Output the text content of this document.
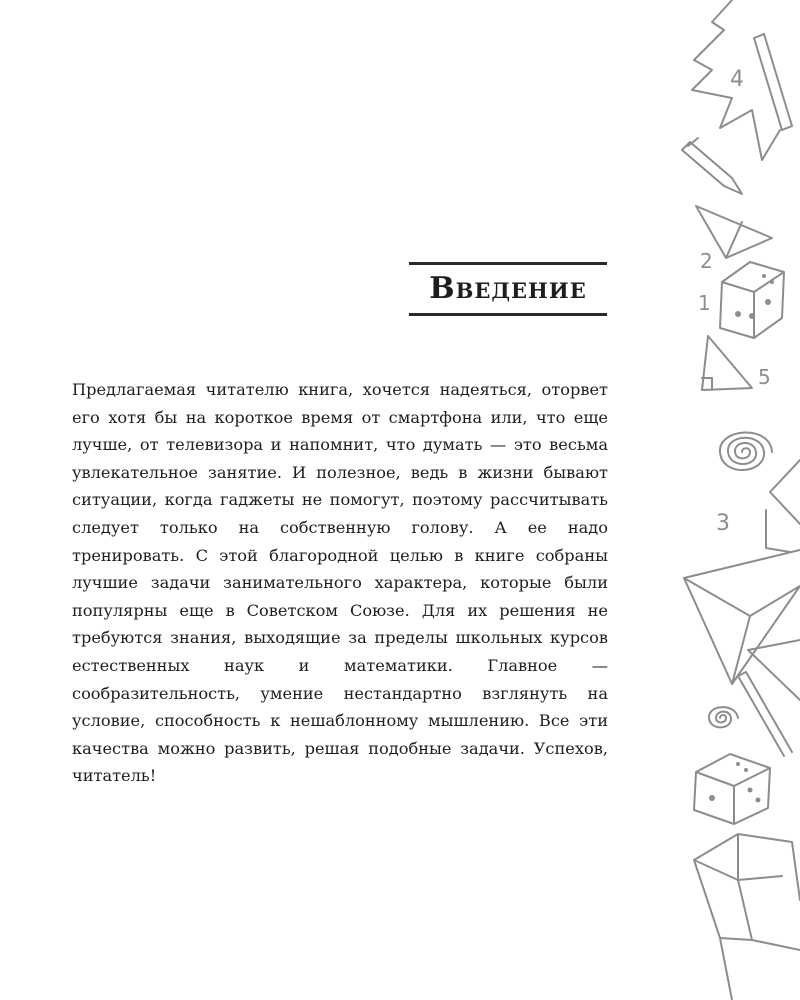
Введение

Предлагаемая читателю книга, хочется надеяться, оторвет его хотя бы на короткое время от смартфона или, что еще лучше, от телевизора и напомнит, что думать — это весьма увлекательное занятие. И полезное, ведь в жизни бывают ситуации, когда гаджеты не помогут, поэтому рассчитывать следует только на собственную голову. А ее надо тренировать. С этой благородной целью в книге собраны лучшие задачи занимательного характера, которые были популярны еще в Советском Союзе. Для их решения не требуются знания, выходящие за пределы школьных курсов естественных наук и математики. Главное — сообразительность, умение нестандартно взглянуть на условие, способность к нешаблонному мышлению. Все эти качества можно развить, решая подобные задачи. Успехов, читатель!

4
2
1
5
3
